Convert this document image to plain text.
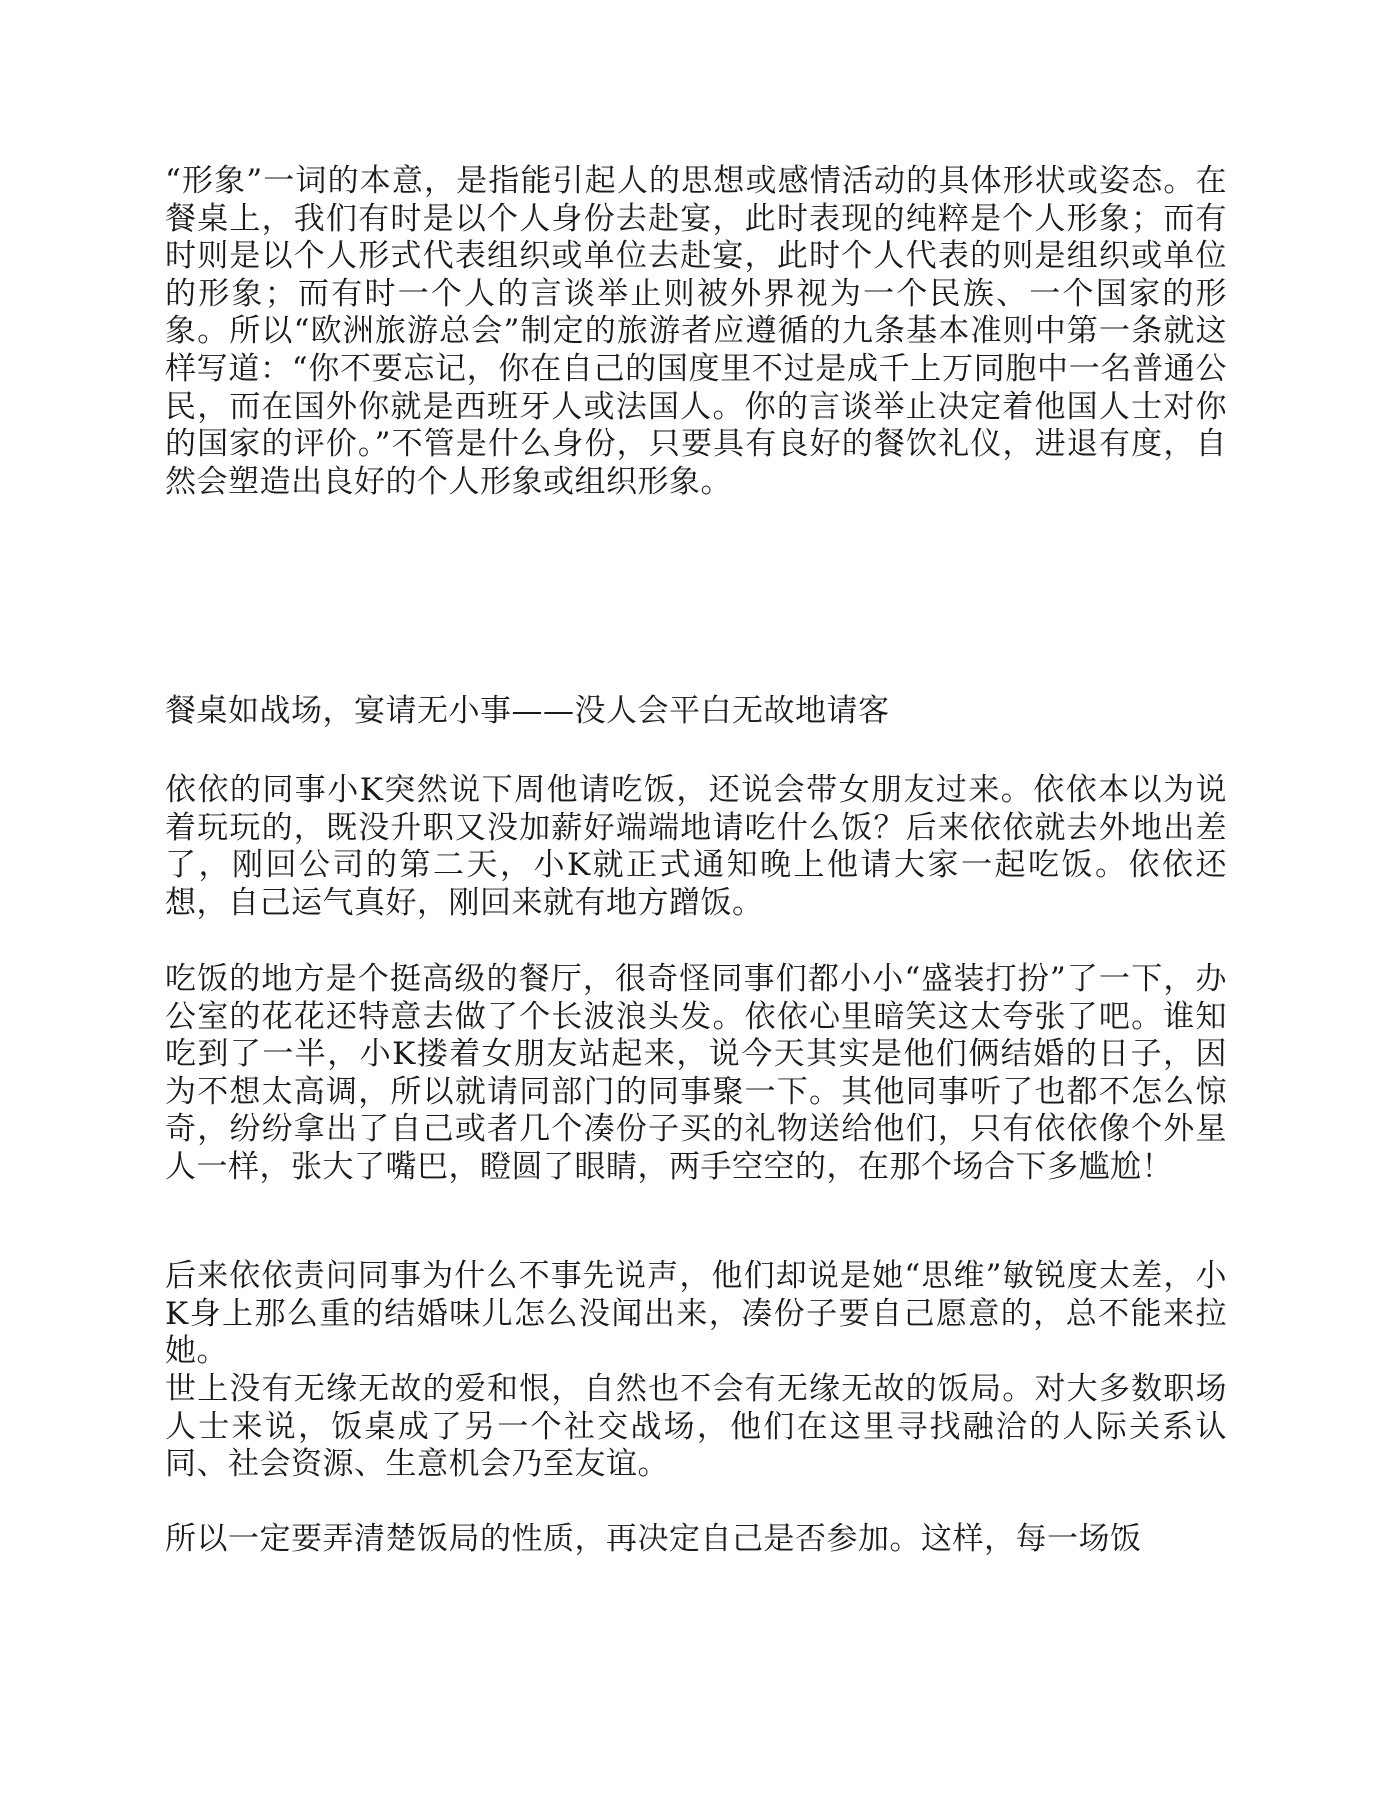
“形象”一词的本意，是指能引起人的思想或感情活动的具体形状或姿态。在餐桌上，我们有时是以个人身份去赴宴，此时表现的纯粹是个人形象；而有时则是以个人形式代表组织或单位去赴宴，此时个人代表的则是组织或单位的形象；而有时一个人的言谈举止则被外界视为一个民族、一个国家的形象。所以“欧洲旅游总会”制定的旅游者应遵循的九条基本准则中第一条就这样写道：“你不要忘记，你在自己的国度里不过是成千上万同胞中一名普通公民，而在国外你就是西班牙人或法国人。你的言谈举止决定着他国人士对你的国家的评价。”不管是什么身份，只要具有良好的餐饮礼仪，进退有度，自然会塑造出良好的个人形象或组织形象。

餐桌如战场，宴请无小事——没人会平白无故地请客

依依的同事小K突然说下周他请吃饭，还说会带女朋友过来。依依本以为说着玩玩的，既没升职又没加薪好端端地请吃什么饭？后来依依就去外地出差了，刚回公司的第二天，小K就正式通知晚上他请大家一起吃饭。依依还想，自己运气真好，刚回来就有地方蹭饭。

吃饭的地方是个挺高级的餐厅，很奇怪同事们都小小“盛装打扮”了一下，办公室的花花还特意去做了个长波浪头发。依依心里暗笑这太夸张了吧。谁知吃到了一半，小K搂着女朋友站起来，说今天其实是他们俩结婚的日子，因为不想太高调，所以就请同部门的同事聚一下。其他同事听了也都不怎么惊奇，纷纷拿出了自己或者几个凑份子买的礼物送给他们，只有依依像个外星人一样，张大了嘴巴，瞪圆了眼睛，两手空空的，在那个场合下多尴尬！

后来依依责问同事为什么不事先说声，他们却说是她“思维”敏锐度太差，小K身上那么重的结婚味儿怎么没闻出来，凑份子要自己愿意的，总不能来拉她。

世上没有无缘无故的爱和恨，自然也不会有无缘无故的饭局。对大多数职场人士来说，饭桌成了另一个社交战场，他们在这里寻找融洽的人际关系认同、社会资源、生意机会乃至友谊。

所以一定要弄清楚饭局的性质，再决定自己是否参加。这样，每一场饭
